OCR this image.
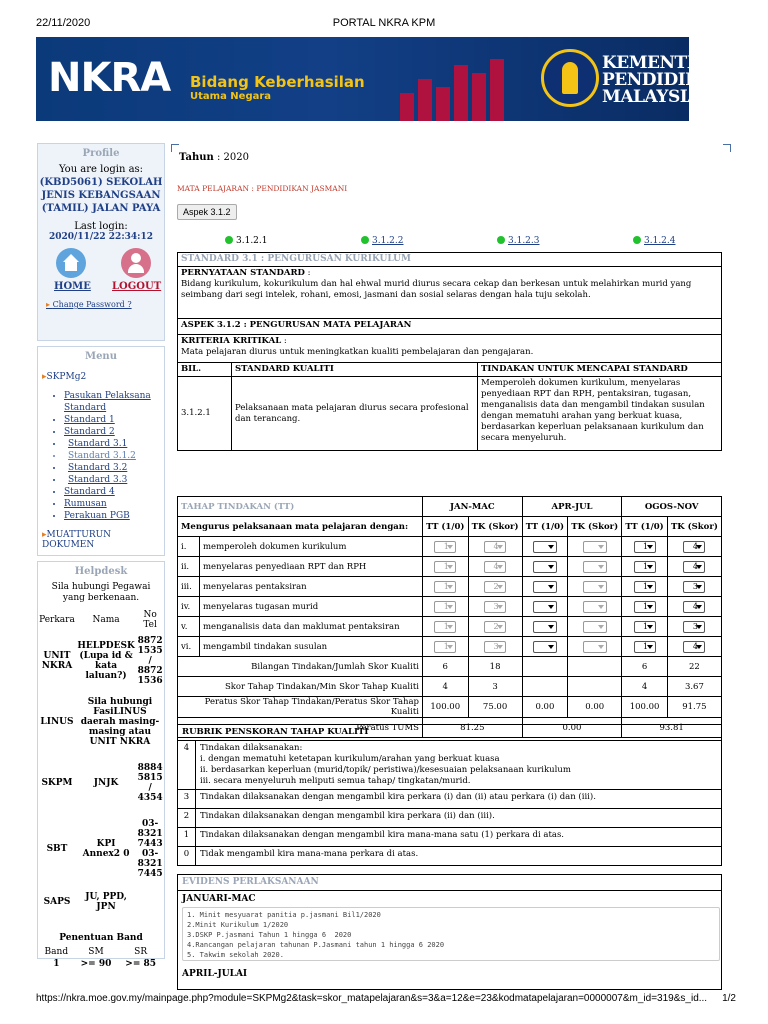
22/11/2020	PORTAL NKRA KPM
NKRA Bidang Keberhasilan
Utama Negara
KEMENTERIAN
PENDIDIKAN
MALAYSIA
Profile
You are login as:
(KBD5061) SEKOLAH JENIS KEBANGSAAN (TAMIL) JALAN PAYA
Last login:
2020/11/22 22:34:12
HOME LOGOUT
▸ Change Password ?
Menu
▸SKPMg2
• Pasukan Pelaksana Standard
• Standard 1
• Standard 2
• Standard 3.1
• Standard 3.1.2
• Standard 3.2
• Standard 3.3
• Standard 4
• Rumusan
• Perakuan PGB
▸MUATTURUN DOKUMEN
Helpdesk
Sila hubungi Pegawai yang berkenaan.
Perkara	Nama	No Tel
UNIT NKRA	HELPDESK (Lupa id & kata laluan?)	8872 1535 / 8872 1536
LINUS	Sila hubungi FasiLINUS daerah masing-masing atau UNIT NKRA	
SKPM	JNJK	8884 5815 / 4354
SBT	KPI Annex2 0	03-8321 7443 03-8321 7445
SAPS	JU, PPD, JPN	
Penentuan Band
Band	SM	SR
1	>= 90	>= 85
Tahun : 2020
MATA PELAJARAN : PENDIDIKAN JASMANI
Aspek 3.1.2
3.1.2.1	3.1.2.2	3.1.2.3	3.1.2.4
STANDARD 3.1 : PENGURUSAN KURIKULUM		
PERNYATAAN STANDARD :
Bidang kurikulum, kokurikulum dan hal ehwal murid diurus secara cekap dan berkesan untuk melahirkan murid yang seimbang dari segi intelek, rohani, emosi, jasmani dan sosial selaras dengan hala tuju sekolah.		
ASPEK 3.1.2 : PENGURUSAN MATA PELAJARAN		
KRITERIA KRITIKAL :
Mata pelajaran diurus untuk meningkatkan kualiti pembelajaran dan pengajaran.		
BIL.	STANDARD KUALITI	TINDAKAN UNTUK MENCAPAI STANDARD
3.1.2.1	Pelaksanaan mata pelajaran diurus secara profesional dan terancang.	Memperoleh dokumen kurikulum, menyelaras penyediaan RPT dan RPH, pentaksiran, tugasan, menganalisis data dan mengambil tindakan susulan dengan mematuhi arahan yang berkuat kuasa, berdasarkan keperluan pelaksanaan kurikulum dan secara menyeluruh.
TAHAP TINDAKAN (TT)		JAN-MAC		APR-JUL		OGOS-NOV	
Mengurus pelaksanaan mata pelajaran dengan:		TT (1/0)	TK (Skor)	TT (1/0)	TK (Skor)	TT (1/0)	TK (Skor)
i.	memperoleh dokumen kurikulum	1	4			1	4
ii.	menyelaras penyediaan RPT dan RPH	1	4			1	4
iii.	menyelaras pentaksiran	1	2			1	3
iv.	menyelaras tugasan murid	1	3			1	4
v.	menganalisis data dan maklumat pentaksiran	1	2			1	3
vi.	mengambil tindakan susulan	1	3			1	4
Bilangan Tindakan/Jumlah Skor Kualiti		6	18			6	22
Skor Tahap Tindakan/Min Skor Tahap Kualiti		4	3			4	3.67
Peratus Skor Tahap Tindakan/Peratus Skor Tahap Kualiti		100.00	75.00	0.00	0.00	100.00	91.75
Peratus TUMS		81.25		0.00		93.81	
RUBRIK PENSKORAN TAHAP KUALITI	
4	Tindakan dilaksanakan:
i. dengan mematuhi ketetapan kurikulum/arahan yang berkuat kuasa
ii. berdasarkan keperluan (murid/topik/ peristiwa)/kesesuaian pelaksanaan kurikulum
iii. secara menyeluruh meliputi semua tahap/ tingkatan/murid.

3	Tindakan dilaksanakan dengan mengambil kira perkara (i) dan (ii) atau perkara (i) dan (iii).
2	Tindakan dilaksanakan dengan mengambil kira perkara (ii) dan (iii).
1	Tindakan dilaksanakan dengan mengambil kira mana-mana satu (1) perkara di atas.
0	Tidak mengambil kira mana-mana perkara di atas.
EVIDENS PERLAKSANAAN
JANUARI-MAC
1. Minit mesyuarat panitia p.jasmani Bil1/2020
2.Minit Kurikulum 1/2020
3.DSKP P.jasmani Tahun 1 hingga 6  2020
4.Rancangan pelajaran tahunan P.Jasmani tahun 1 hingga 6 2020
5. Takwim sekolah 2020.
APRIL-JULAI
https://nkra.moe.gov.my/mainpage.php?module=SKPMg2&task=skor_matapelajaran&s=3&a=12&e=23&kodmatapelajaran=0000007&m_id=319&s_id... 1/2
